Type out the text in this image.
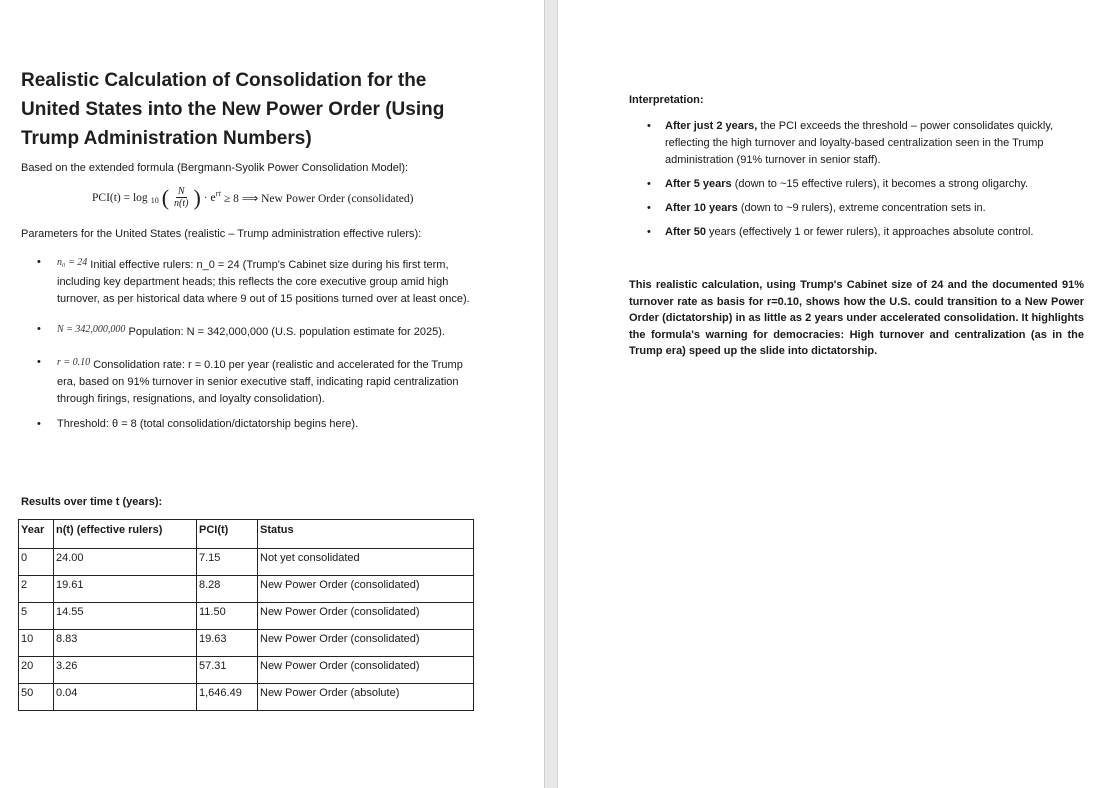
Realistic Calculation of Consolidation for the United States into the New Power Order (Using Trump Administration Numbers)
Based on the extended formula (Bergmann-Syolik Power Consolidation Model):
PCI(t) = log $_{10}$ ( $\frac{N}{n(t)}$ ) · $e^{rt} \ge 8$ ⟹ New Power Order (consolidated)
Parameters for the United States (realistic – Trump administration effective rulers):
• n₀ = 24 Initial effective rulers: n_0 = 24 (Trump's Cabinet size during his first term, including key department heads; this reflects the core executive group amid high turnover, as per historical data where 9 out of 15 positions turned over at least once).
• N = 342,000,000 Population: N = 342,000,000 (U.S. population estimate for 2025).
• r = 0.10 Consolidation rate: r = 0.10 per year (realistic and accelerated for the Trump era, based on 91% turnover in senior executive staff, indicating rapid centralization through firings, resignations, and loyalty consolidation).
• Threshold: θ = 8 (total consolidation/dictatorship begins here).
Results over time t (years):
Year	n(t) (effective rulers)	PCI(t)	Status
0	24.00	7.15	Not yet consolidated
2	19.61	8.28	New Power Order (consolidated)
5	14.55	11.50	New Power Order (consolidated)
10	8.83	19.63	New Power Order (consolidated)
20	3.26	57.31	New Power Order (consolidated)
50	0.04	1,646.49	New Power Order (absolute)
Interpretation:
• After just 2 years, the PCI exceeds the threshold – power consolidates quickly, reflecting the high turnover and loyalty-based centralization seen in the Trump administration (91% turnover in senior staff).
• After 5 years (down to ~15 effective rulers), it becomes a strong oligarchy.
• After 10 years (down to ~9 rulers), extreme concentration sets in.
• After 50 years (effectively 1 or fewer rulers), it approaches absolute control.

This realistic calculation, using Trump's Cabinet size of 24 and the documented 91% turnover rate as basis for r=0.10, shows how the U.S. could transition to a New Power Order (dictatorship) in as little as 2 years under accelerated consolidation. It highlights the formula's warning for democracies: High turnover and centralization (as in the Trump era) speed up the slide into dictatorship.
